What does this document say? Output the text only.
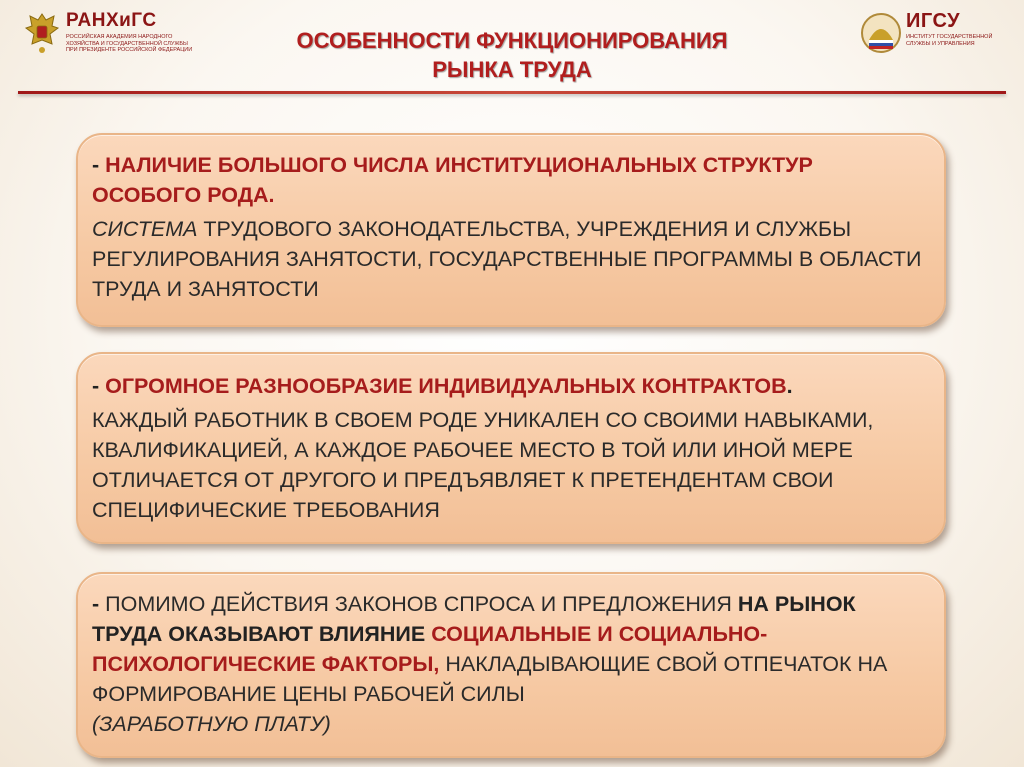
РАНХиГС
РОССИЙСКАЯ АКАДЕМИЯ НАРОДНОГО ХОЗЯЙСТВА И ГОСУДАРСТВЕННОЙ СЛУЖБЫ ПРИ ПРЕЗИДЕНТЕ РОССИЙСКОЙ ФЕДЕРАЦИИ
ИГСУ
ИНСТИТУТ ГОСУДАРСТВЕННОЙ СЛУЖБЫ И УПРАВЛЕНИЯ
ОСОБЕННОСТИ ФУНКЦИОНИРОВАНИЯ
РЫНКА ТРУДА

- НАЛИЧИЕ БОЛЬШОГО ЧИСЛА ИНСТИТУЦИОНАЛЬНЫХ СТРУКТУР ОСОБОГО РОДА.

СИСТЕМА ТРУДОВОГО ЗАКОНОДАТЕЛЬСТВА, УЧРЕЖДЕНИЯ И СЛУЖБЫ РЕГУЛИРОВАНИЯ ЗАНЯТОСТИ, ГОСУДАРСТВЕННЫЕ ПРОГРАММЫ В ОБЛАСТИ ТРУДА И ЗАНЯТОСТИ

- ОГРОМНОЕ РАЗНООБРАЗИЕ ИНДИВИДУАЛЬНЫХ КОНТРАКТОВ.

КАЖДЫЙ РАБОТНИК В СВОЕМ РОДЕ УНИКАЛЕН СО СВОИМИ НАВЫКАМИ, КВАЛИФИКАЦИЕЙ, А КАЖДОЕ РАБОЧЕЕ МЕСТО В ТОЙ ИЛИ ИНОЙ МЕРЕ ОТЛИЧАЕТСЯ ОТ ДРУГОГО И ПРЕДЪЯВЛЯЕТ К ПРЕТЕНДЕНТАМ СВОИ СПЕЦИФИЧЕСКИЕ ТРЕБОВАНИЯ

- ПОМИМО ДЕЙСТВИЯ ЗАКОНОВ СПРОСА И ПРЕДЛОЖЕНИЯ НА РЫНОК ТРУДА ОКАЗЫВАЮТ ВЛИЯНИЕ СОЦИАЛЬНЫЕ И СОЦИАЛЬНО-ПСИХОЛОГИЧЕСКИЕ ФАКТОРЫ, НАКЛАДЫВАЮЩИЕ СВОЙ ОТПЕЧАТОК НА ФОРМИРОВАНИЕ ЦЕНЫ РАБОЧЕЙ СИЛЫ
(ЗАРАБОТНУЮ ПЛАТУ)
